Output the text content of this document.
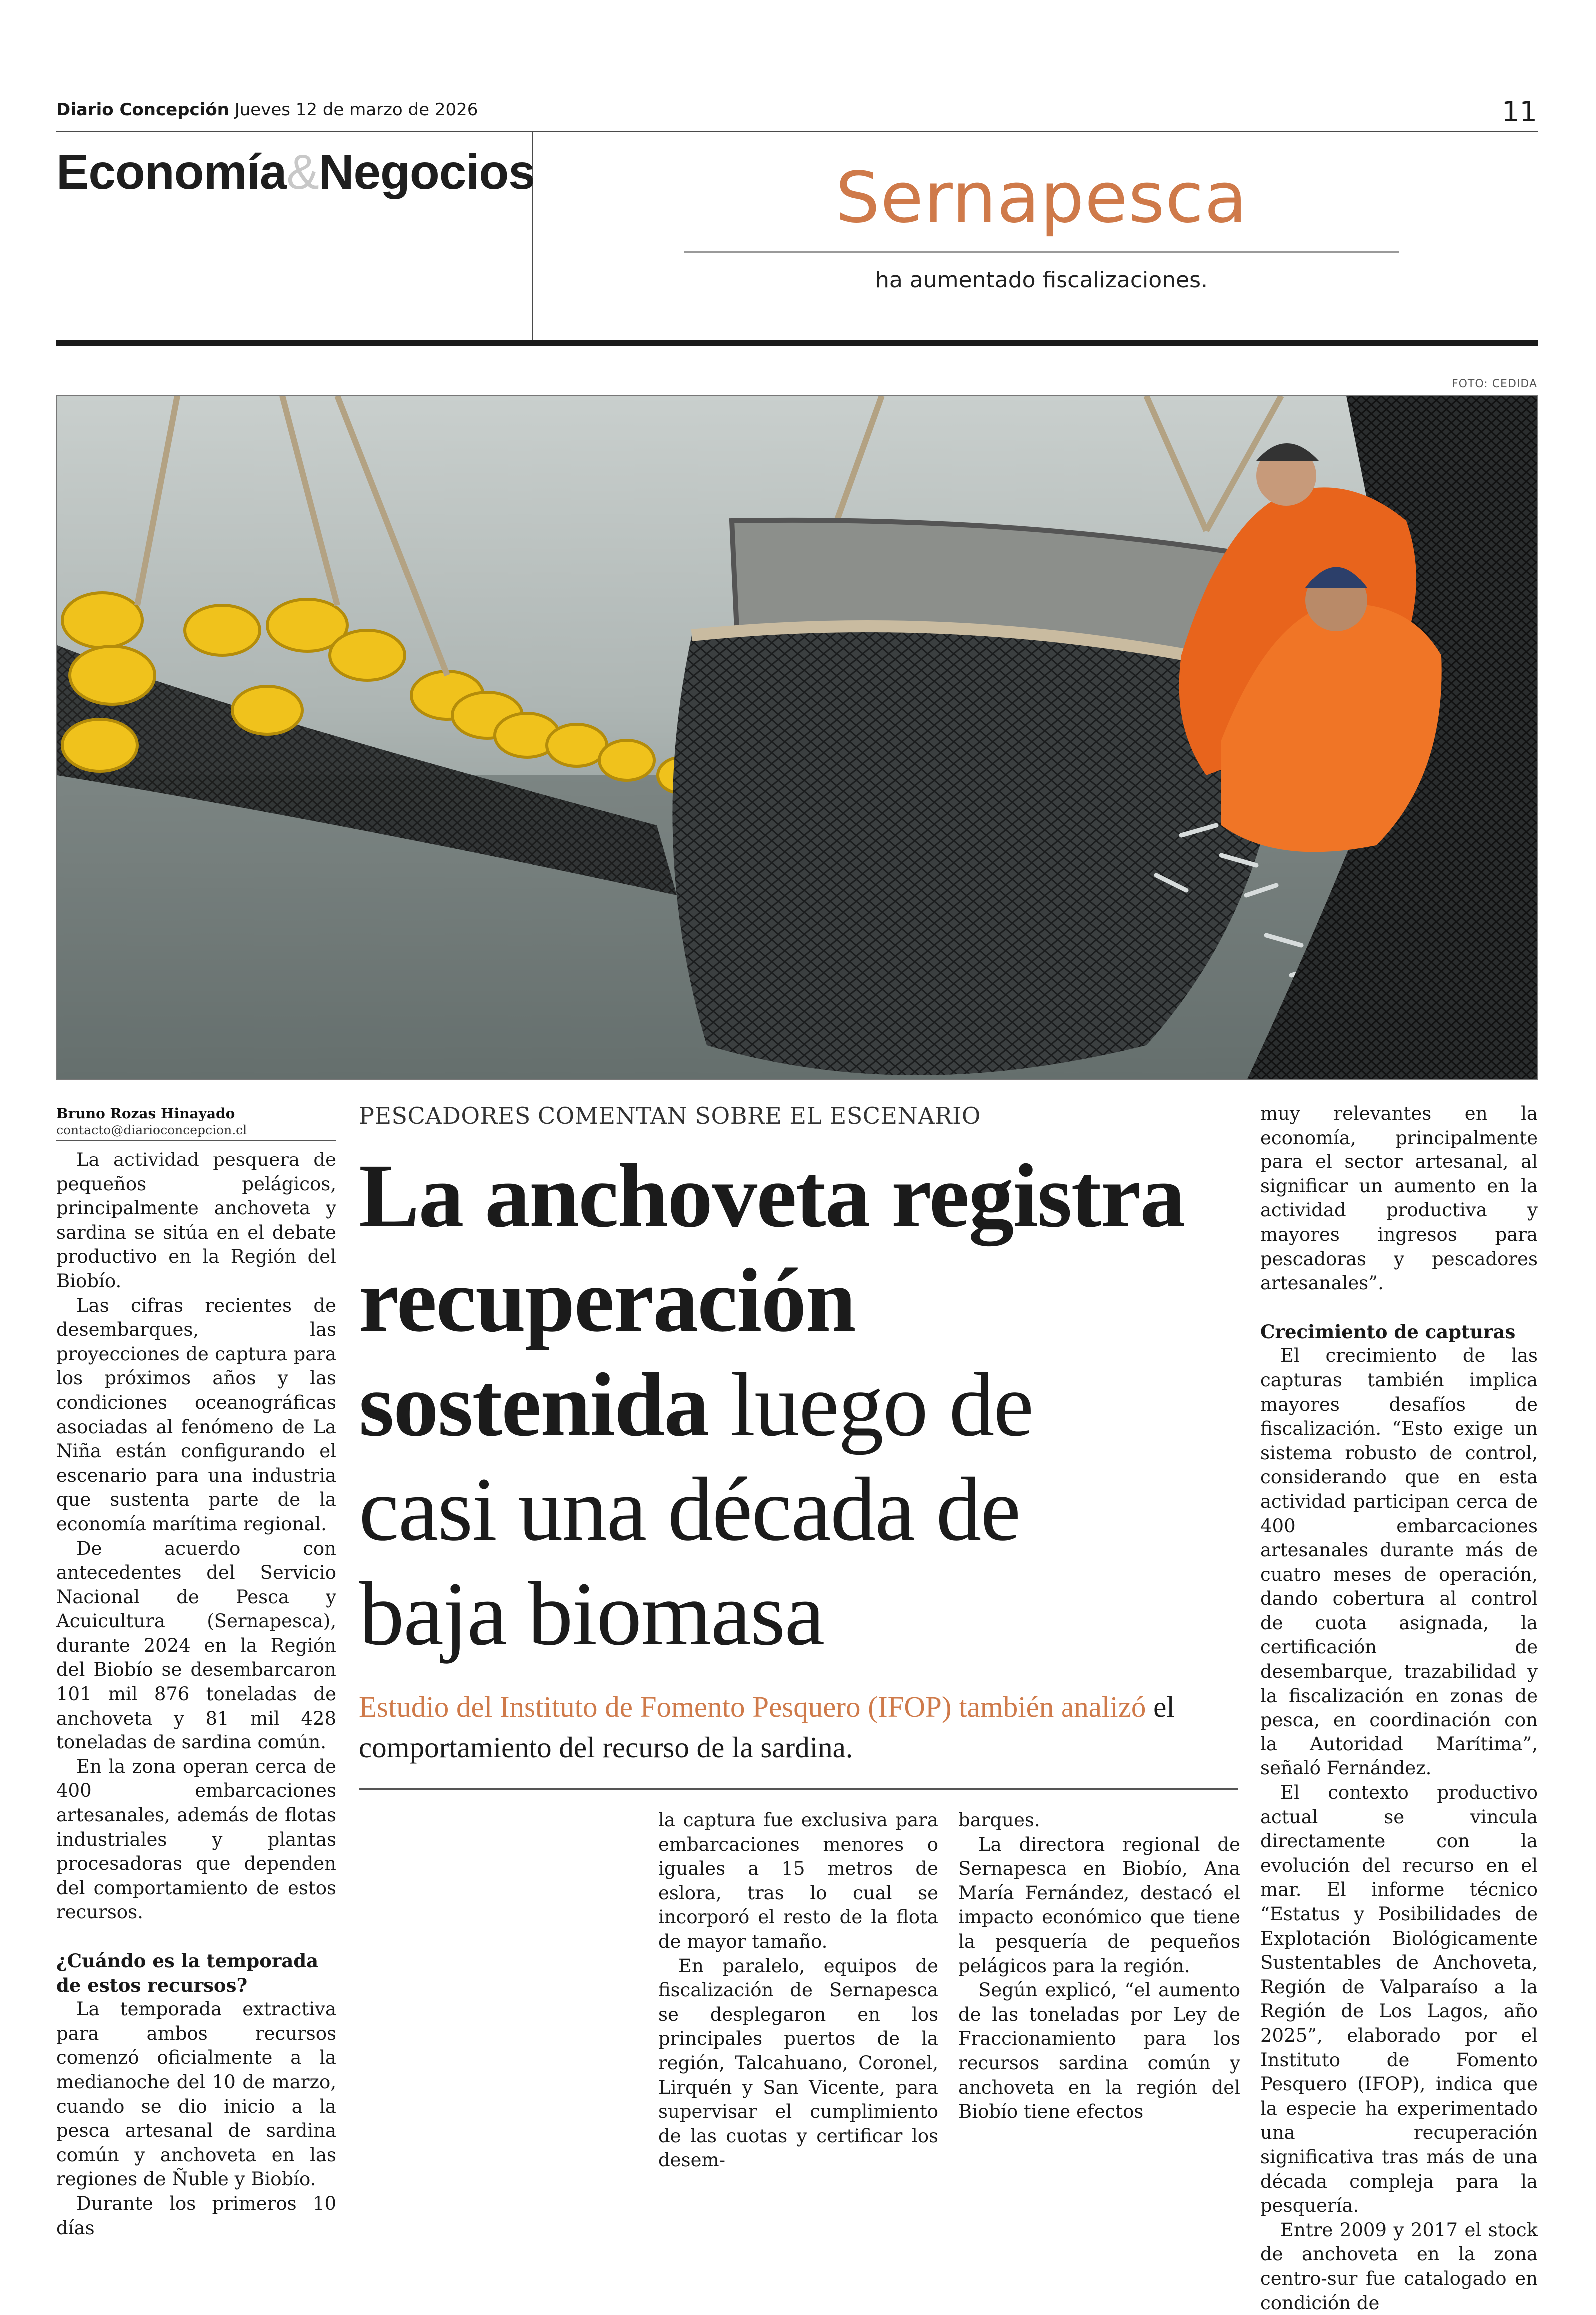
Diario Concepción Jueves 12 de marzo de 2026	11
Economía&Negocios	Sernapesca
ha aumentado fiscalizaciones.
FOTO: CEDIDA
Bruno Rozas Hinayado
contacto@diarioconcepcion.cl

La actividad pesquera de pequeños pelágicos, principalmente anchoveta y sardina se sitúa en el debate productivo en la Región del Biobío.

Las cifras recientes de desembarques, las proyecciones de captura para los próximos años y las condiciones oceanográficas asociadas al fenómeno de La Niña están configurando el escenario para una industria que sustenta parte de la economía marítima regional.

De acuerdo con antecedentes del Servicio Nacional de Pesca y Acuicultura (Sernapesca), durante 2024 en la Región del Biobío se desembarcaron 101 mil 876 toneladas de anchoveta y 81 mil 428 toneladas de sardina común.

En la zona operan cerca de 400 embarcaciones artesanales, además de flotas industriales y plantas procesadoras que dependen del comportamiento de estos recursos.

¿Cuándo es la temporada de estos recursos?

La temporada extractiva para ambos recursos comenzó oficialmente a la medianoche del 10 de marzo, cuando se dio inicio a la pesca artesanal de sardina común y anchoveta en las regiones de Ñuble y Biobío.

Durante los primeros 10 días

PESCADORES COMENTAN SOBRE EL ESCENARIO
La anchoveta registra
recuperación
sostenida luego de
casi una década de
baja biomasa
Estudio del Instituto de Fomento Pesquero (IFOP) también analizó el comportamiento del recurso de la sardina.

la captura fue exclusiva para embarcaciones menores o iguales a 15 metros de eslora, tras lo cual se incorporó el resto de la flota de mayor tamaño.

En paralelo, equipos de fiscalización de Sernapesca se desplegaron en los principales puertos de la región, Talcahuano, Coronel, Lirquén y San Vicente, para supervisar el cumplimiento de las cuotas y certificar los desem-

barques.

La directora regional de Sernapesca en Biobío, Ana María Fernández, destacó el impacto económico que tiene la pesquería de pequeños pelágicos para la región.

Según explicó, “el aumento de las toneladas por Ley de Fraccionamiento para los recursos sardina común y anchoveta en la región del Biobío tiene efectos

muy relevantes en la economía, principalmente para el sector artesanal, al significar un aumento en la actividad productiva y mayores ingresos para pescadoras y pescadores artesanales”.

Crecimiento de capturas

El crecimiento de las capturas también implica mayores desafíos de fiscalización. “Esto exige un sistema robusto de control, considerando que en esta actividad participan cerca de 400 embarcaciones artesanales durante más de cuatro meses de operación, dando cobertura al control de cuota asignada, la certificación de desembarque, trazabilidad y la fiscalización en zonas de pesca, en coordinación con la Autoridad Marítima”, señaló Fernández.

El contexto productivo actual se vincula directamente con la evolución del recurso en el mar. El informe técnico “Estatus y Posibilidades de Explotación Biológicamente Sustentables de Anchoveta, Región de Valparaíso a la Región de Los Lagos, año 2025”, elaborado por el Instituto de Fomento Pesquero (IFOP), indica que la especie ha experimentado una recuperación significativa tras más de una década compleja para la pesquería.

Entre 2009 y 2017 el stock de anchoveta en la zona centro-sur fue catalogado en condición de
